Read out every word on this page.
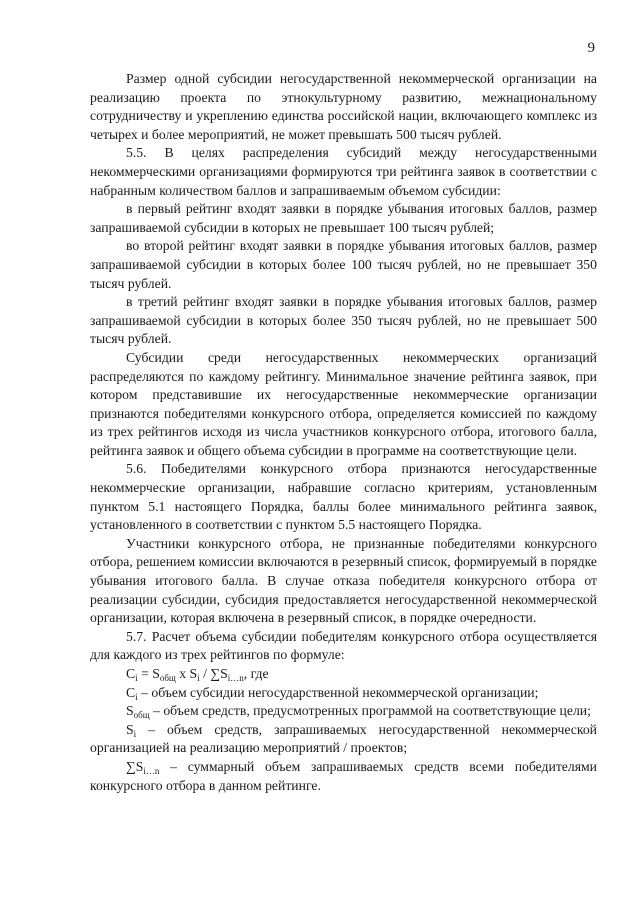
9

Размер одной субсидии негосударственной некоммерческой организации на реализацию проекта по этнокультурному развитию, межнациональному сотрудничеству и укреплению единства российской нации, включающего комплекс из четырех и более мероприятий, не может превышать 500 тысяч рублей.

5.5. В целях распределения субсидий между негосударственными некоммерческими организациями формируются три рейтинга заявок в соответствии с набранным количеством баллов и запрашиваемым объемом субсидии:

в первый рейтинг входят заявки в порядке убывания итоговых баллов, размер запрашиваемой субсидии в которых не превышает 100 тысяч рублей;

во второй рейтинг входят заявки в порядке убывания итоговых баллов, размер запрашиваемой субсидии в которых более 100 тысяч рублей, но не превышает 350 тысяч рублей.

в третий рейтинг входят заявки в порядке убывания итоговых баллов, размер запрашиваемой субсидии в которых более 350 тысяч рублей, но не превышает 500 тысяч рублей.

Субсидии среди негосударственных некоммерческих организаций распределяются по каждому рейтингу. Минимальное значение рейтинга заявок, при котором представившие их негосударственные некоммерческие организации признаются победителями конкурсного отбора, определяется комиссией по каждому из трех рейтингов исходя из числа участников конкурсного отбора, итогового балла, рейтинга заявок и общего объема субсидии в программе на соответствующие цели.

5.6. Победителями конкурсного отбора признаются негосударственные некоммерческие организации, набравшие согласно критериям, установленным пунктом 5.1 настоящего Порядка, баллы более минимального рейтинга заявок, установленного в соответствии с пунктом 5.5 настоящего Порядка.

Участники конкурсного отбора, не признанные победителями конкурсного отбора, решением комиссии включаются в резервный список, формируемый в порядке убывания итогового балла. В случае отказа победителя конкурсного отбора от реализации субсидии, субсидия предоставляется негосударственной некоммерческой организации, которая включена в резервный список, в порядке очередности.

5.7. Расчет объема субсидии победителям конкурсного отбора осуществляется для каждого из трех рейтингов по формуле:

$C_i = S_{общ}$ x $S_i / \sum S_{i\dots n}$, где

$C_i$ – объем субсидии негосударственной некоммерческой организации;

$S_{общ}$ – объем средств, предусмотренных программой на соответствующие цели;

$S_i$ – объем средств, запрашиваемых негосударственной некоммерческой организацией на реализацию мероприятий / проектов;

$\sum S_{i\dots n}$ – суммарный объем запрашиваемых средств всеми победителями конкурсного отбора в данном рейтинге.
